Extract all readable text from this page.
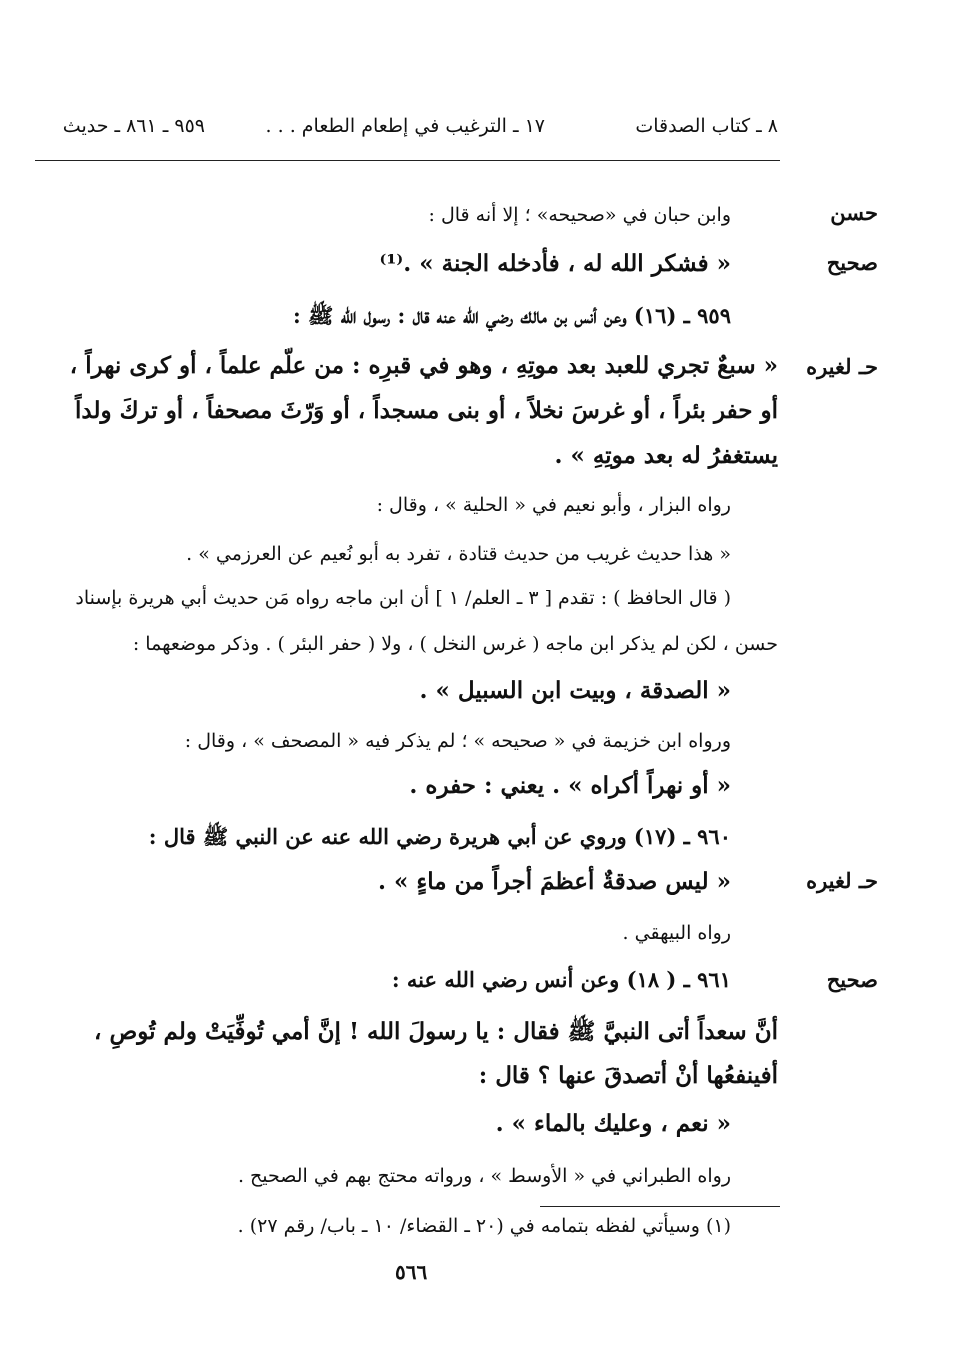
٨ ـ كتاب الصدقات
١٧ ـ الترغيب في إطعام الطعام . . .
٩٥٩ ـ ٨٦١ ـ حديث
حسن
صحيح
حـ لغيره
حـ لغيره
صحيح
وابن حبان في «صحيحه» ؛ إلا أنه قال :
« فشكر الله له ، فأدخله الجنة » .⁽¹⁾
٩٥٩ ـ (١٦) وعن أنس بن مالك رضي الله عنه قال : رسول الله ﷺ :
« سبعٌ تجري للعبد بعد موتِهِ ، وهو في قبرِه : من علّم علماً ، أو كرى نهراً ،
أو حفر بئراً ، أو غرسَ نخلاً ، أو بنى مسجداً ، أو وَرّثَ مصحفاً ، أو تركَ ولداً
يستغفرُ له بعد موتِهِ » .
رواه البزار ، وأبو نعيم في « الحلية » ، وقال :
« هذا حديث غريب من حديث قتادة ، تفرد به أبو نُعيم عن العرزمي » .
( قال الحافظ ) : تقدم [ ٣ ـ العلم/ ١ ] أن ابن ماجه رواه مَن حديث أبي هريرة بإسناد
حسن ، لكن لم يذكر ابن ماجه ( غرس النخل ) ، ولا ( حفر البئر ) . وذكر موضعهما :
« الصدقة ، وبيت ابن السبيل » .
ورواه ابن خزيمة في « صحيحه » ؛ لم يذكر فيه « المصحف » ، وقال :
« أو نهراً أكراه » . يعني : حفره .
٩٦٠ ـ (١٧) وروي عن أبي هريرة رضي الله عنه عن النبي ﷺ قال :
« ليس صدقةٌ أعظمَ أجراً من ماءٍ » .
رواه البيهقي .
٩٦١ ـ ( ١٨) وعن أنس رضي الله عنه :
أنَّ سعداً أتى النبيَّ ﷺ فقال : يا رسولَ الله ! إنَّ أمي تُوفِّيَتْ ولم تُوصِ ،
أفينفعُها أنْ أتصدقَ عنها ؟ قال :
« نعم ، وعليك بالماء » .
رواه الطبراني في « الأوسط » ، ورواته محتج بهم في الصحيح .
(١) وسيأتي لفظه بتمامه في (٢٠ ـ القضاء/ ١٠ ـ باب/ رقم ٢٧) .
٥٦٦
